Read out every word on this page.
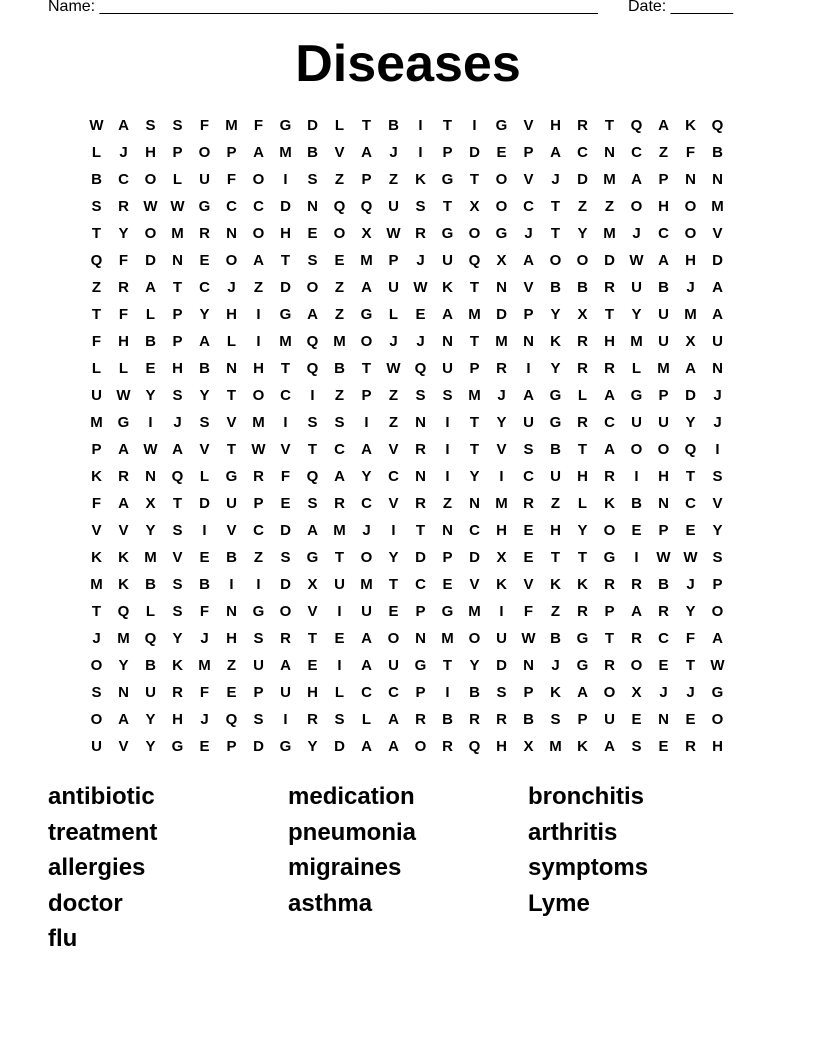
Name: ________________________________________________________ Date: _______
Diseases
W A	S	S	F	M	F	G	D	L	T	B	I	T	I	G	V	H	R	T	Q	A	K	Q
L	J	H	P	O	P	A	M	B	V	A	J	I	P	D	E	P	A	C	N	C	Z	F	B
B	C	O	L	U	F	O	I	S	Z	P	Z	K	G	T	O	V	J	D	M	A	P	N	N
S	R W W G	C	C	D	N	Q	Q	U	S	T	X	O	C	T	Z	Z	O	H	O M
T	Y	O M	R	N	O	H	E	O	X W R	G	O	G	J	T	Y	M	J	C	O	V
Q	F	D	N	E	O	A	T	S	E	M	P	J	U	Q	X	A	O	O	D W A	H	D
Z	R	A	T	C	J	Z	D	O	Z	A	U W K	T	N	V	B	B	R	U	B	J	A
T	F	L	P	Y	H	I	G	A	Z	G	L	E	A	M	D	P	Y	X	T	Y	U	M	A
F	H	B	P	A	L	I	M Q M O	J	J	N	T	M	N	K	R	H	M	U	X	U
L	L	E	H	B	N	H	T	Q	B	T	W Q	U	P	R	I	Y	R	R	L	M	A	N
U W Y	S	Y	T	O	C	I	Z	P	Z	S	S	M	J	A	G	L	A	G	P	D	J
M G	I	J	S	V	M	I	S	S	I	Z	N	I	T	Y	U	G	R	C	U	U	Y	J
P	A W A	V	T	W V	T	C	A	V	R	I	T	V	S	B	T	A	O	O	Q	I
K	R	N	Q	L	G	R	F	Q	A	Y	C	N	I	Y	I	C	U	H	R	I	H	T	S
F	A	X	T	D	U	P	E	S	R	C	V	R	Z	N	M	R	Z	L	K	B	N	C	V
V	V	Y	S	I	V	C	D	A	M	J	I	T	N	C	H	E	H	Y	O	E	P	E	Y
K	K	M	V	E	B	Z	S	G	T	O	Y	D	P	D	X	E	T	T	G	I	W W S
M	K	B	S	B	I	I	D	X	U	M	T	C	E	V	K	V	K	K	R	R	B	J	P
T	Q	L	S	F	N	G	O	V	I	U	E	P	G M	I	F	Z	R	P	A	R	Y	O
J	M Q	Y	J	H	S	R	T	E	A	O	N	M O	U W B	G	T	R	C	F	A
O	Y	B	K	M	Z	U	A	E	I	A	U	G	T	Y	D	N	J	G	R	O	E	T	W
S	N	U	R	F	E	P	U	H	L	C	C	P	I	B	S	P	K	A	O	X	J	J	G
O	A	Y	H	J	Q	S	I	R	S	L	A	R	B	R	R	B	S	P	U	E	N	E	O
U	V	Y	G	E	P	D	G	Y	D	A	A	O	R	Q	H	X	M	K	A	S	E	R	H
antibiotic	medication	bronchitis
treatment	pneumonia	arthritis
allergies	migraines	symptoms
doctor	asthma	Lyme
flu
